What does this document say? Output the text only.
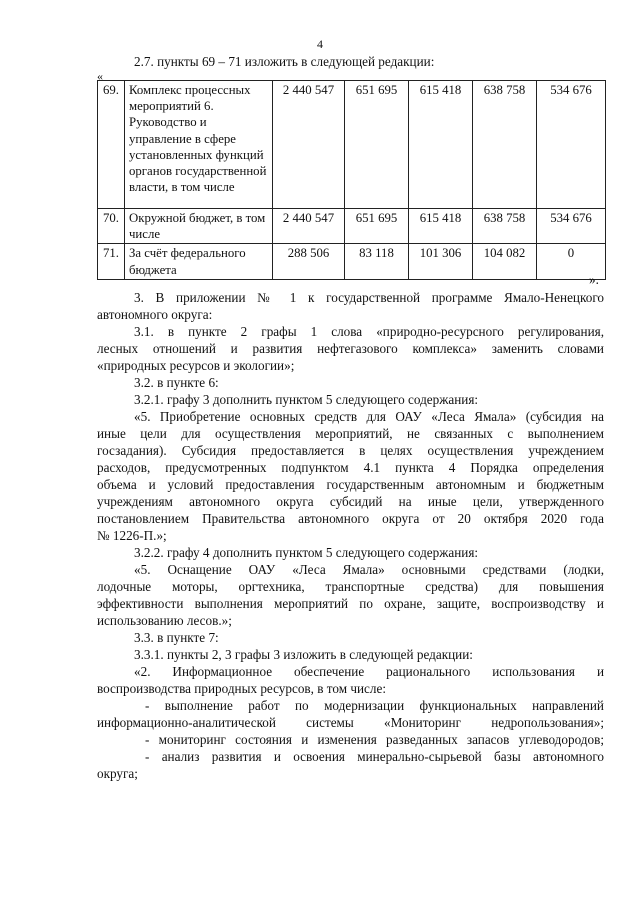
4
2.7. пункты 69 – 71 изложить в следующей редакции:
«
69.	Комплекс процессных мероприятий 6. Руководство и управление в сфере установленных функций органов государственной власти, в том числе	2 440 547	651 695	615 418	638 758	534 676
70.	Окружной бюджет, в том числе	2 440 547	651 695	615 418	638 758	534 676
71.	За счёт федерального бюджета	288 506	83 118	101 306	104 082	0
».
3. В приложении № 1 к государственной программе Ямало-Ненецкого
автономного округа:
3.1. в пункте 2 графы 1 слова «природно-ресурсного регулирования,
лесных отношений и развития нефтегазового комплекса» заменить словами
«природных ресурсов и экологии»;
3.2. в пункте 6:
3.2.1. графу 3 дополнить пунктом 5 следующего содержания:
«5. Приобретение основных средств для ОАУ «Леса Ямала» (субсидия на
иные цели для осуществления мероприятий, не связанных с выполнением
госзадания). Субсидия предоставляется в целях осуществления учреждением
расходов, предусмотренных подпунктом 4.1 пункта 4 Порядка определения
объема и условий предоставления государственным автономным и бюджетным
учреждениям автономного округа субсидий на иные цели, утвержденного
постановлением Правительства автономного округа от 20 октября 2020 года
№ 1226-П.»;
3.2.2. графу 4 дополнить пунктом 5 следующего содержания:
«5. Оснащение ОАУ «Леса Ямала» основными средствами (лодки,
лодочные моторы, оргтехника, транспортные средства) для повышения
эффективности выполнения мероприятий по охране, защите, воспроизводству и
использованию лесов.»;
3.3. в пункте 7:
3.3.1. пункты 2, 3 графы 3 изложить в следующей редакции:
«2. Информационное обеспечение рационального использования и
воспроизводства природных ресурсов, в том числе:
- выполнение работ по модернизации функциональных направлений
информационно-аналитической системы «Мониторинг недропользования»;
- мониторинг состояния и изменения разведанных запасов углеводородов;
- анализ развития и освоения минерально-сырьевой базы автономного
округа;
